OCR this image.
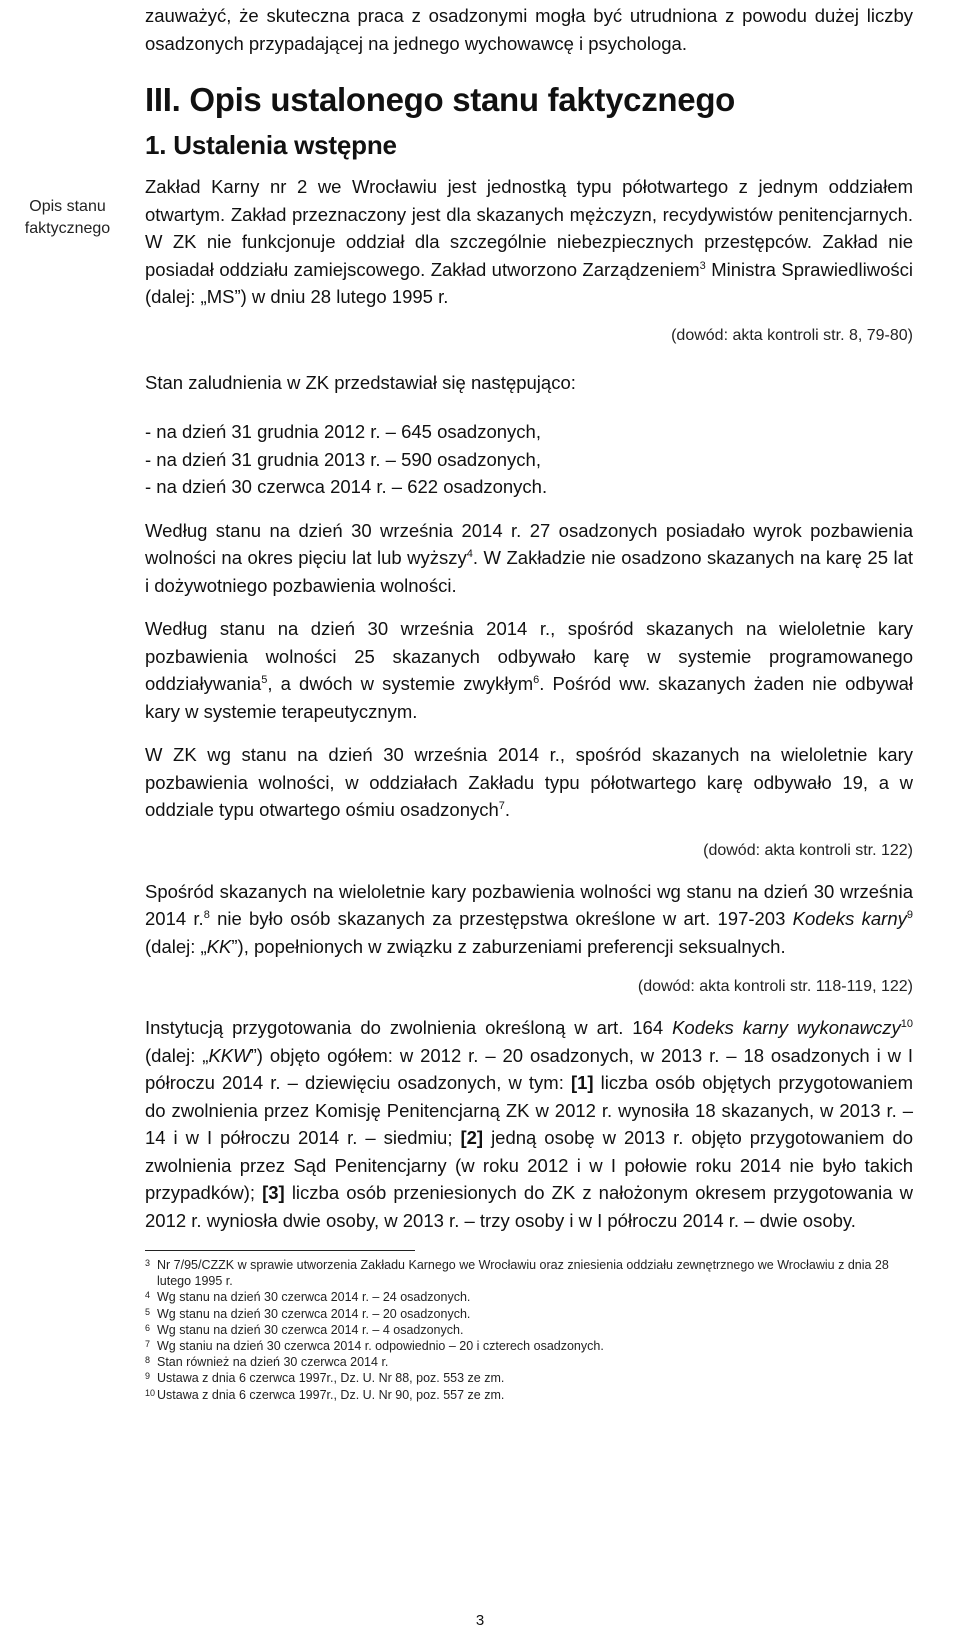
Opis stanu faktycznego

zauważyć, że skuteczna praca z osadzonymi mogła być utrudniona z powodu dużej liczby osadzonych przypadającej na jednego wychowawcę i psychologa.

III. Opis ustalonego stanu faktycznego
1. Ustalenia wstępne

Zakład Karny nr 2 we Wrocławiu jest jednostką typu półotwartego z jednym oddziałem otwartym. Zakład przeznaczony jest dla skazanych mężczyzn, recydywistów penitencjarnych. W ZK nie funkcjonuje oddział dla szczególnie niebezpiecznych przestępców. Zakład nie posiadał oddziału zamiejscowego. Zakład utworzono Zarządzeniem$^3$ Ministra Sprawiedliwości (dalej: „MS”) w dniu 28 lutego 1995 r.

(dowód: akta kontroli str. 8, 79-80)

Stan zaludnienia w ZK przedstawiał się następująco:

- na dzień 31 grudnia 2012 r. – 645 osadzonych,
- na dzień 31 grudnia 2013 r. – 590 osadzonych,
- na dzień 30 czerwca 2014 r. – 622 osadzonych.

Według stanu na dzień 30 września 2014 r. 27 osadzonych posiadało wyrok pozbawienia wolności na okres pięciu lat lub wyższy$^4$. W Zakładzie nie osadzono skazanych na karę 25 lat i dożywotniego pozbawienia wolności.

Według stanu na dzień 30 września 2014 r., spośród skazanych na wieloletnie kary pozbawienia wolności 25 skazanych odbywało karę w systemie programowanego oddziaływania$^5$, a dwóch w systemie zwykłym$^6$. Pośród ww. skazanych żaden nie odbywał kary w systemie terapeutycznym.

W ZK wg stanu na dzień 30 września 2014 r., spośród skazanych na wieloletnie kary pozbawienia wolności, w oddziałach Zakładu typu półotwartego karę odbywało 19, a w oddziale typu otwartego ośmiu osadzonych$^7$.

(dowód: akta kontroli str. 122)

Spośród skazanych na wieloletnie kary pozbawienia wolności wg stanu na dzień 30 września 2014 r.$^8$ nie było osób skazanych za przestępstwa określone w art. 197-203 Kodeks karny$^9$ (dalej: „KK”), popełnionych w związku z zaburzeniami preferencji seksualnych.

(dowód: akta kontroli str. 118-119, 122)

Instytucją przygotowania do zwolnienia określoną w art. 164 Kodeks karny wykonawczy$^{10}$ (dalej: „KKW”) objęto ogółem: w 2012 r. – 20 osadzonych, w 2013 r. – 18 osadzonych i w I półroczu 2014 r. – dziewięciu osadzonych, w tym: [1] liczba osób objętych przygotowaniem do zwolnienia przez Komisję Penitencjarną ZK w 2012 r. wynosiła 18 skazanych, w 2013 r. – 14 i w I półroczu 2014 r. – siedmiu; [2] jedną osobę w 2013 r. objęto przygotowaniem do zwolnienia przez Sąd Penitencjarny (w roku 2012 i w I połowie roku 2014 nie było takich przypadków); [3] liczba osób przeniesionych do ZK z nałożonym okresem przygotowania w 2012 r. wyniosła dwie osoby, w 2013 r. – trzy osoby i w I półroczu 2014 r. – dwie osoby.

3 Nr 7/95/CZZK w sprawie utworzenia Zakładu Karnego we Wrocławiu oraz zniesienia oddziału zewnętrznego we Wrocławiu z dnia 28 lutego 1995 r.
4 Wg stanu na dzień 30 czerwca 2014 r. – 24 osadzonych.
5 Wg stanu na dzień 30 czerwca 2014 r. – 20 osadzonych.
6 Wg stanu na dzień 30 czerwca 2014 r. – 4 osadzonych.
7 Wg staniu na dzień 30 czerwca 2014 r. odpowiednio – 20 i czterech osadzonych.
8 Stan również na dzień 30 czerwca 2014 r.
9 Ustawa z dnia 6 czerwca 1997r., Dz. U. Nr 88, poz. 553 ze zm.
10 Ustawa z dnia 6 czerwca 1997r., Dz. U. Nr 90, poz. 557 ze zm.
3
